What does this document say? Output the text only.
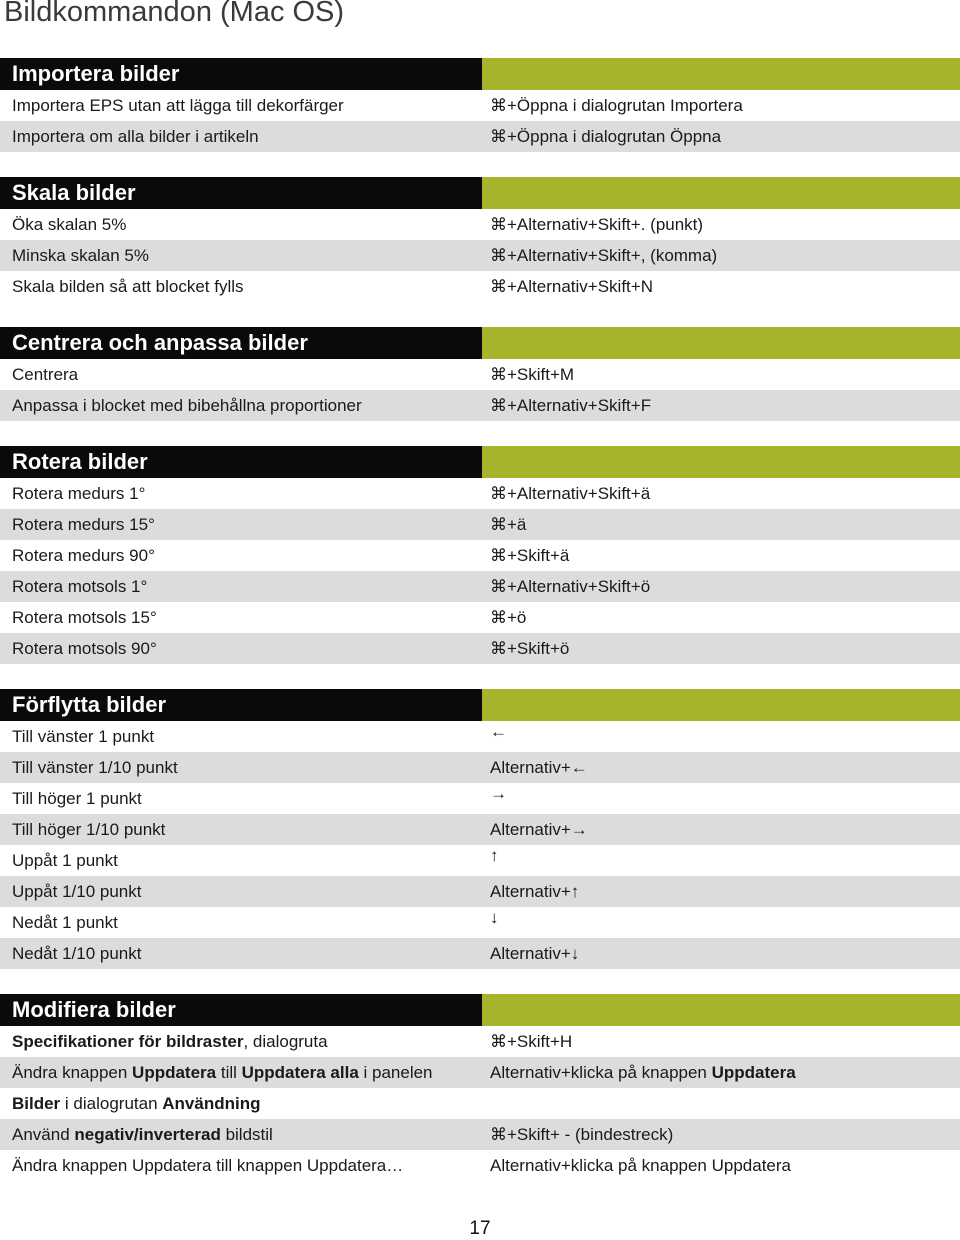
Bildkommandon (Mac OS)
Importera bilder
Importera EPS utan att lägga till dekorfärger ⌘	+Öppna i dialogrutan Importera
Importera om alla bilder i artikeln ⌘	+Öppna i dialogrutan Öppna
Skala bilder
Öka skalan 5% ⌘	+Alternativ+Skift+. (punkt)
Minska skalan 5% ⌘	+Alternativ+Skift+, (komma)
Skala bilden så att blocket fylls ⌘	+Alternativ+Skift+N
Centrera och anpassa bilder
Centrera ⌘	+Skift+M
Anpassa i blocket med bibehållna proportioner ⌘	+Alternativ+Skift+F
Rotera bilder
Rotera medurs 1° ⌘	+Alternativ+Skift+ä
Rotera medurs 15° ⌘	+ä
Rotera medurs 90° ⌘	+Skift+ä
Rotera motsols 1° ⌘	+Alternativ+Skift+ö
Rotera motsols 15° ⌘	+ö
Rotera motsols 90° ⌘	+Skift+ö
Förflytta bilder
Till vänster 1 punkt	←
Till vänster 1/10 punkt	Alternativ+←
Till höger 1 punkt	→
Till höger 1/10 punkt	Alternativ+→
Uppåt 1 punkt	↑
Uppåt 1/10 punkt	Alternativ+↑
Nedåt 1 punkt	↓
Nedåt 1/10 punkt	Alternativ+↓
Modifiera bilder
Specifikationer för bildraster, dialogruta ⌘	+Skift+H
Ändra knappen Uppdatera till Uppdatera alla i panelen	Alternativ+klicka på knappen Uppdatera
Bilder i dialogrutan Användning
Använd negativ/inverterad bildstil ⌘	+Skift+ - (bindestreck)
Ändra knappen Uppdatera till knappen Uppdatera…	Alternativ+klicka på knappen Uppdatera
17
